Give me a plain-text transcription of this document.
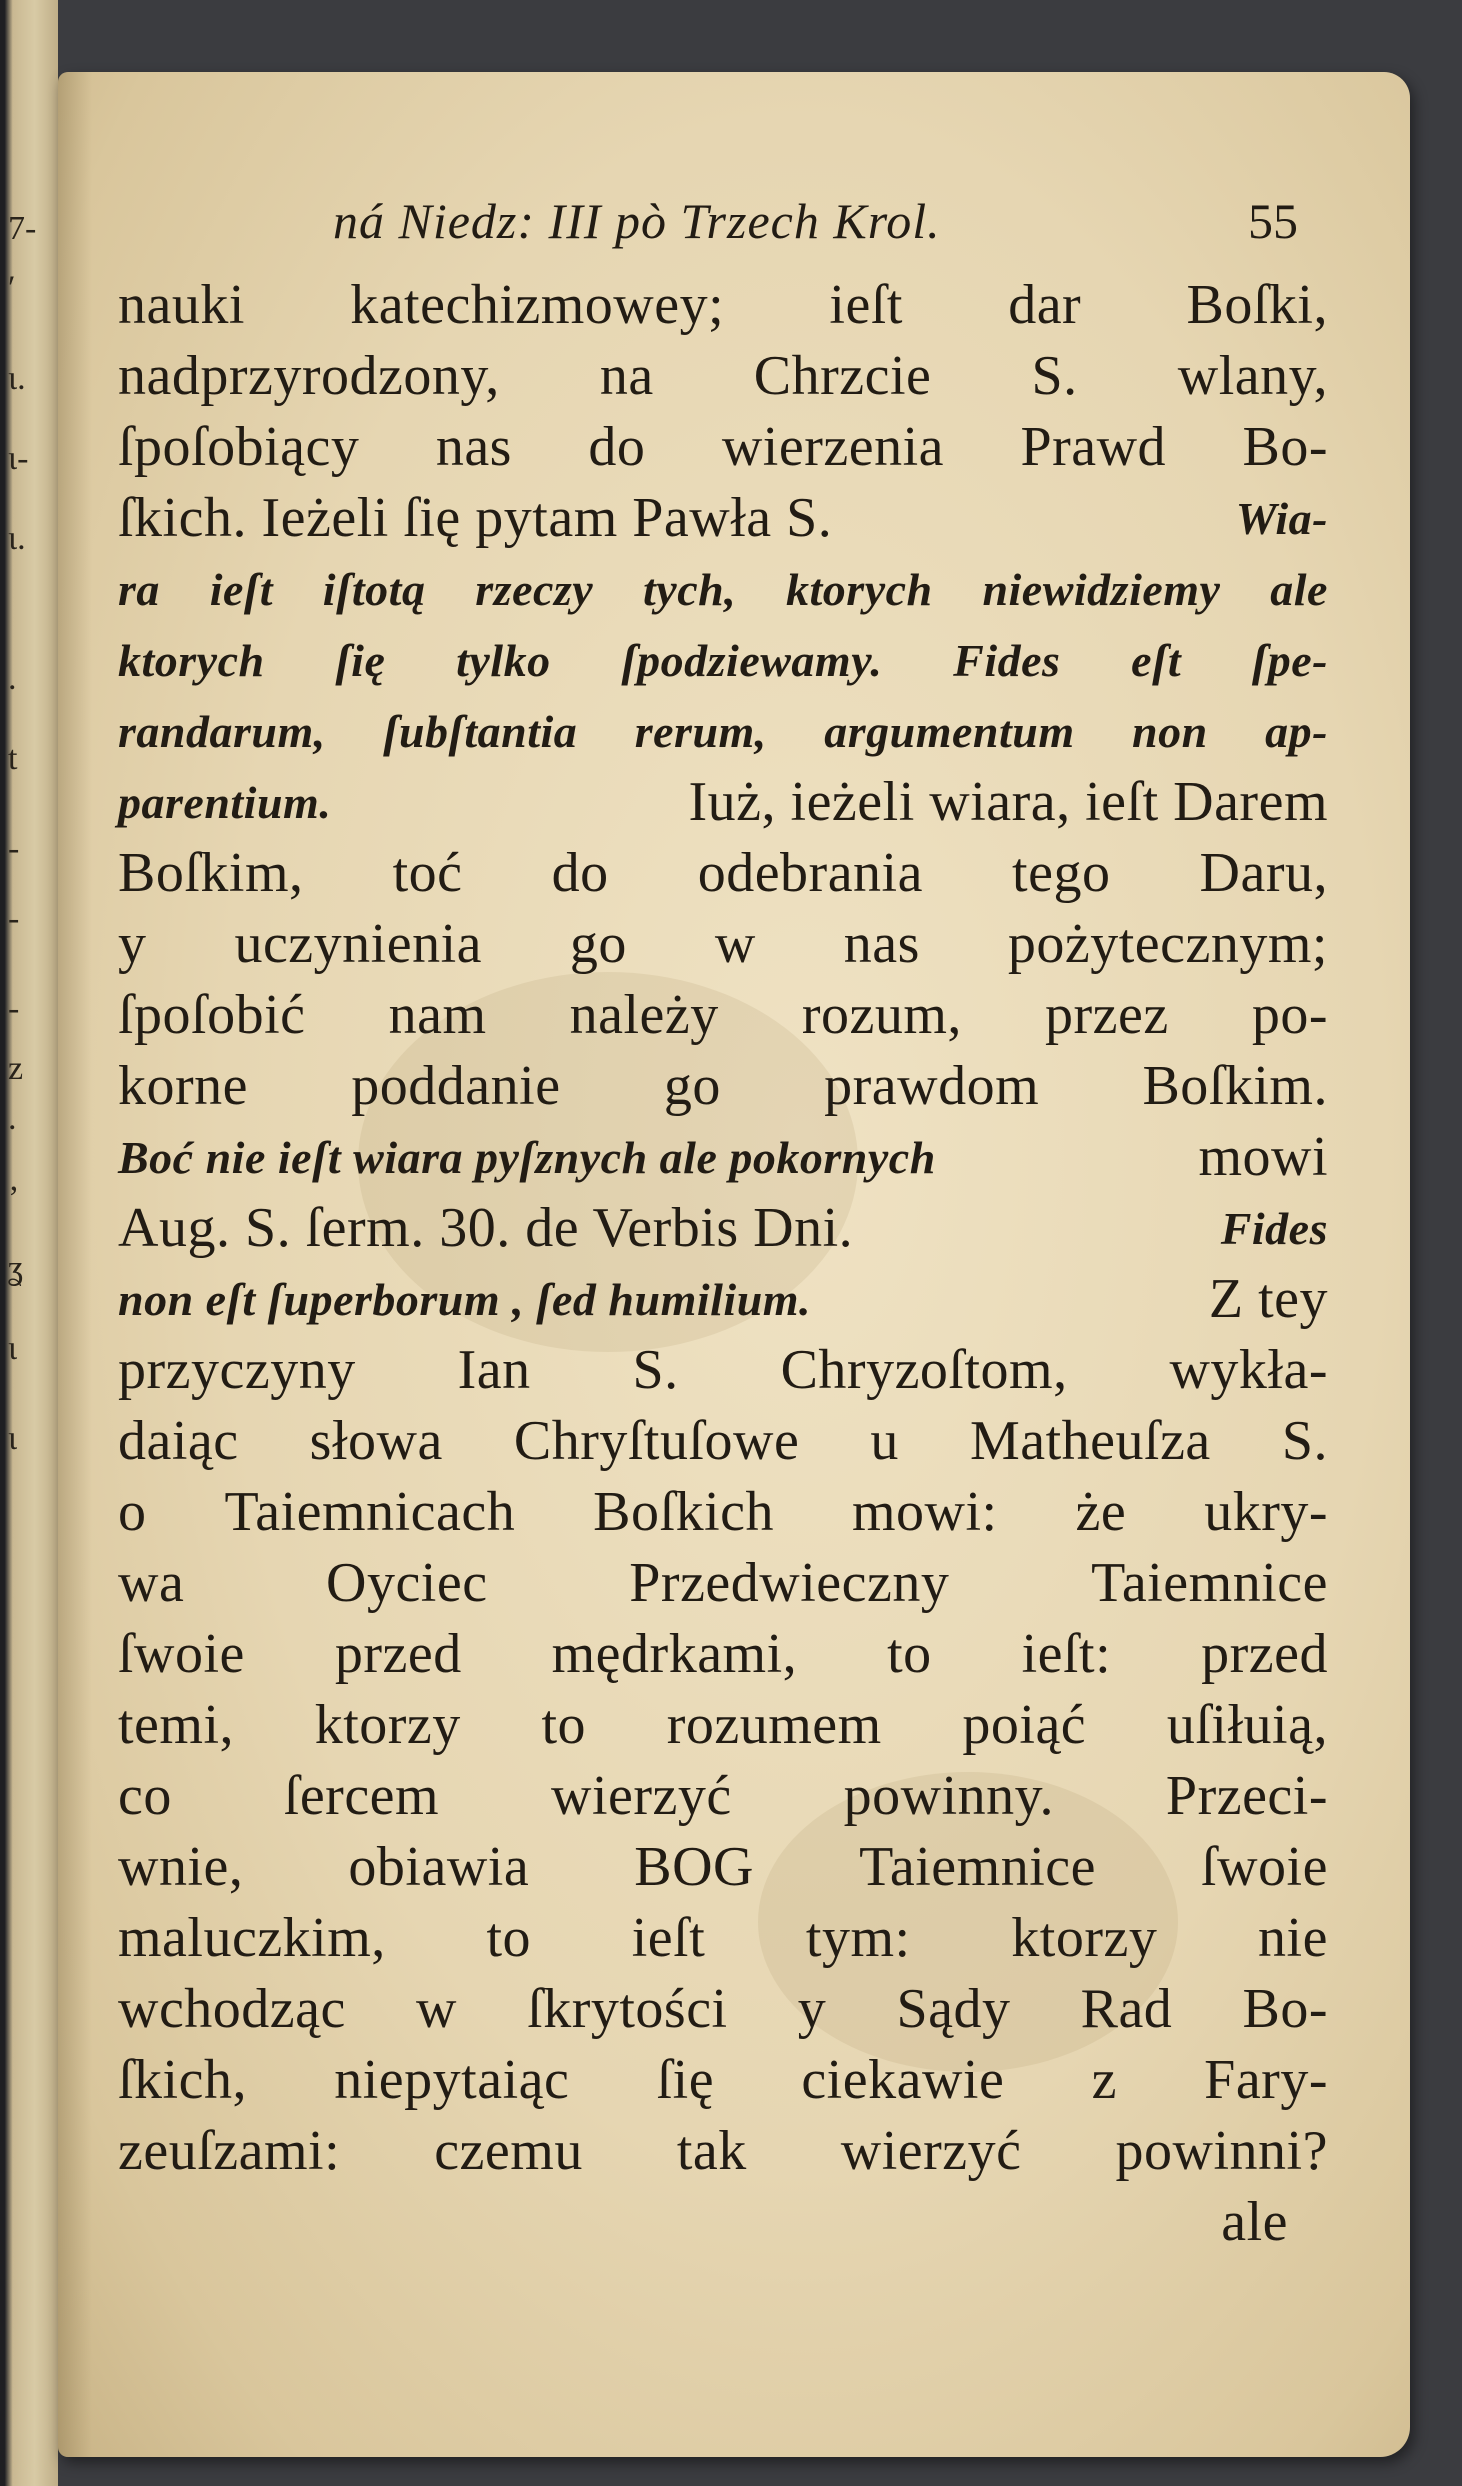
7-
ʹ
ɩ.
ɩ-
ɩ.
.
t
-
-
-
z
.
ʼ
ʓ
ɩ
ɩ
ná Niedz: III pò Trzech Krol.	55
nauki katechizmowey; ieſt dar Boſki,
nadprzyrodzony, na Chrzcie S. wlany,
ſpoſobiący nas do wierzenia Prawd Bo-
ſkich. Ieżeli ſię pytam Pawła S.	Wia-
ra ieſt iſtotą rzeczy tych, ktorych niewidziemy ale
ktorych ſię tylko ſpodziewamy. Fides eſt ſpe-
randarum, ſubſtantia rerum, argumentum non ap-
parentium.	Iuż, ieżeli wiara, ieſt Darem
Boſkim, toć do odebrania tego Daru,
y uczynienia go w nas pożytecznym;
ſpoſobić nam należy rozum, przez po-
korne poddanie go prawdom Boſkim.
Boć nie ieſt wiara pyſznych ale pokornych	mowi
Aug. S. ſerm. 30. de Verbis Dni.	Fides
non eſt ſuperborum , ſed humilium.	Z tey
przyczyny Ian S. Chryzoſtom, wykła-
daiąc słowa Chryſtuſowe u Matheuſza S.
o Taiemnicach Boſkich mowi: że ukry-
wa	Oyciec	Przedwieczny	Taiemnice
ſwoie przed mędrkami, to ieſt: przed
temi, ktorzy to rozumem poiąć uſiłuią,
co ſercem wierzyć powinny. Przeci-
wnie, obiawia BOG Taiemnice ſwoie
maluczkim, to ieſt tym: ktorzy nie
wchodząc w ſkrytości y Sądy Rad Bo-
ſkich, niepytaiąc ſię ciekawie z Fary-
zeuſzami: czemu tak wierzyć powinni?
ale
